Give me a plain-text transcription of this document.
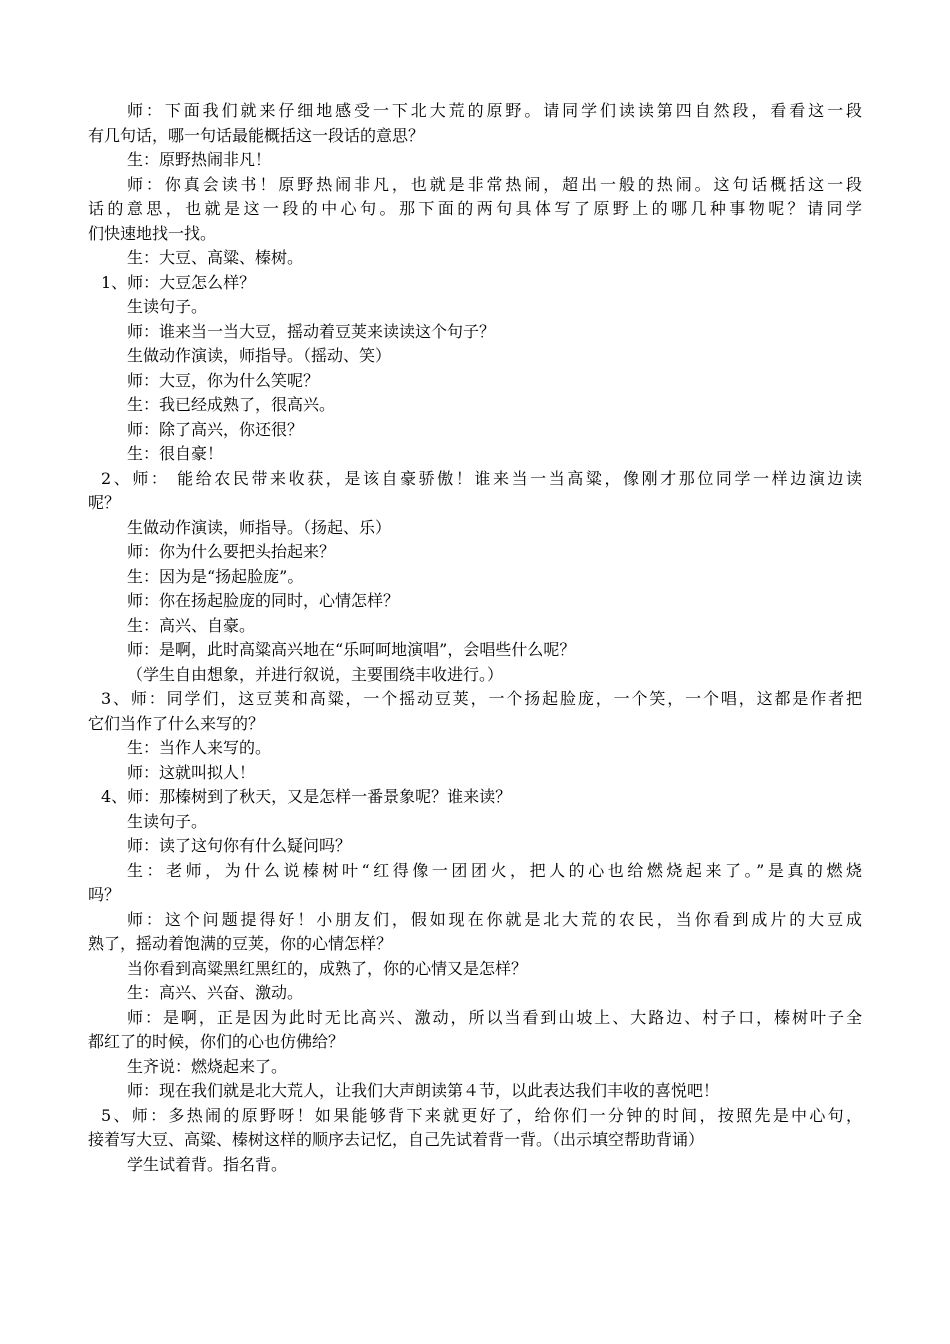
师：下面我们就来仔细地感受一下北大荒的原野。请同学们读读第四自然段，看看这一段
有几句话，哪一句话最能概括这一段话的意思？
生：原野热闹非凡！
师：你真会读书！原野热闹非凡，也就是非常热闹，超出一般的热闹。这句话概括这一段
话的意思，也就是这一段的中心句。那下面的两句具体写了原野上的哪几种事物呢？请同学
们快速地找一找。
生：大豆、高粱、榛树。
1、师：大豆怎么样？
生读句子。
师：谁来当一当大豆，摇动着豆荚来读读这个句子？
生做动作演读，师指导。（摇动、笑）
师：大豆，你为什么笑呢？
生：我已经成熟了，很高兴。
师：除了高兴，你还很？
生：很自豪！
2、师： 能给农民带来收获，是该自豪骄傲！谁来当一当高粱，像刚才那位同学一样边演边读
呢？
生做动作演读，师指导。（扬起、乐）
师：你为什么要把头抬起来？
生：因为是“扬起脸庞”。
师：你在扬起脸庞的同时，心情怎样？
生：高兴、自豪。
师：是啊，此时高粱高兴地在“乐呵呵地演唱”，会唱些什么呢？
（学生自由想象，并进行叙说，主要围绕丰收进行。）
3、师：同学们，这豆荚和高粱，一个摇动豆荚，一个扬起脸庞，一个笑，一个唱，这都是作者把
它们当作了什么来写的？
生：当作人来写的。
师：这就叫拟人！
4、师：那榛树到了秋天，又是怎样一番景象呢？谁来读？
生读句子。
师：读了这句你有什么疑问吗？
生：老师，为什么说榛树叶“红得像一团团火，把人的心也给燃烧起来了。”是真的燃烧
吗？
师：这个问题提得好！小朋友们，假如现在你就是北大荒的农民，当你看到成片的大豆成
熟了，摇动着饱满的豆荚，你的心情怎样？
当你看到高粱黑红黑红的，成熟了，你的心情又是怎样？
生：高兴、兴奋、激动。
师：是啊，正是因为此时无比高兴、激动，所以当看到山坡上、大路边、村子口，榛树叶子全
都红了的时候，你们的心也仿佛给？
生齐说：燃烧起来了。
师：现在我们就是北大荒人，让我们大声朗读第４节，以此表达我们丰收的喜悦吧！
5、师：多热闹的原野呀！如果能够背下来就更好了，给你们一分钟的时间，按照先是中心句，
接着写大豆、高粱、榛树这样的顺序去记忆，自己先试着背一背。（出示填空帮助背诵）
学生试着背。指名背。
